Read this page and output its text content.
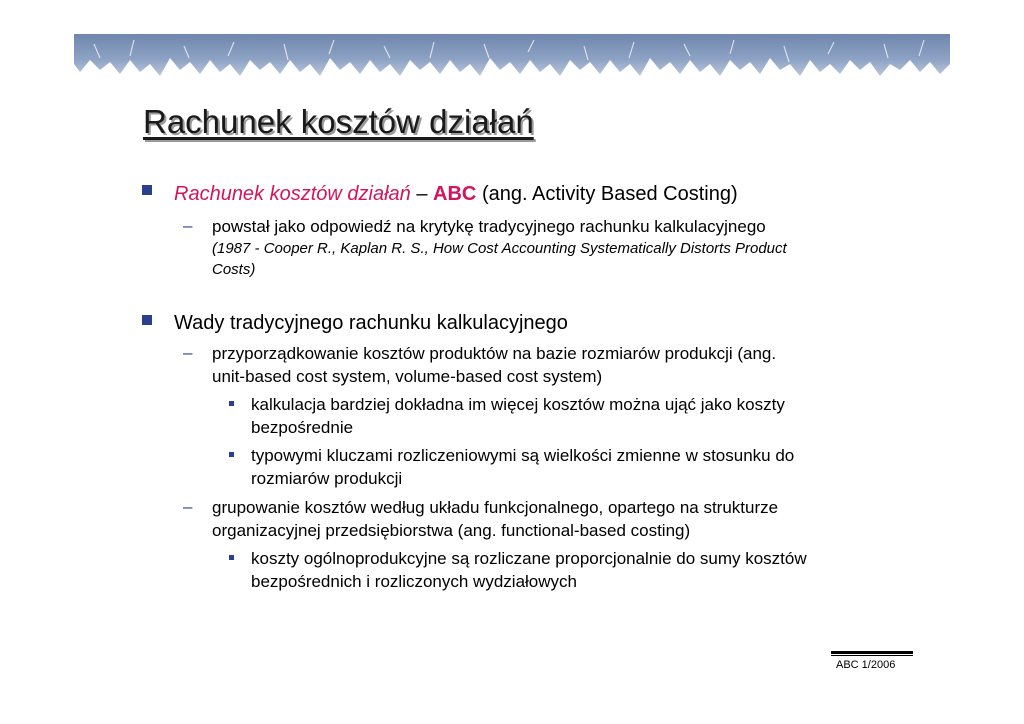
Rachunek kosztów działań
Rachunek kosztów działań – ABC (ang. Activity Based Costing)
– powstał jako odpowiedź na krytykę tradycyjnego rachunku kalkulacyjnego
(1987 - Cooper R., Kaplan R. S., How Cost Accounting Systematically Distorts Product
Costs)
Wady tradycyjnego rachunku kalkulacyjnego
– przyporządkowanie kosztów produktów na bazie rozmiarów produkcji (ang.
unit-based cost system, volume-based cost system)
kalkulacja bardziej dokładna im więcej kosztów można ująć jako koszty
bezpośrednie
typowymi kluczami rozliczeniowymi są wielkości zmienne w stosunku do
rozmiarów produkcji
– grupowanie kosztów według układu funkcjonalnego, opartego na strukturze
organizacyjnej przedsiębiorstwa (ang. functional-based costing)
koszty ogólnoprodukcyjne są rozliczane proporcjonalnie do sumy kosztów
bezpośrednich i rozliczonych wydziałowych
ABC 1/2006
